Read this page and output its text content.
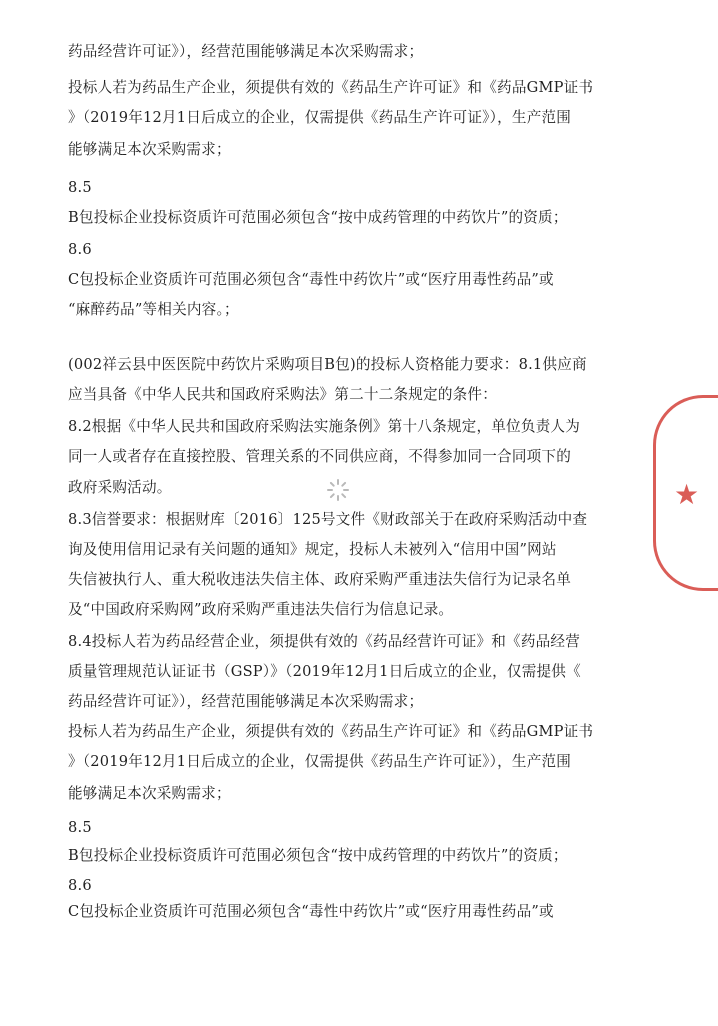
药品经营许可证》），经营范围能够满足本次采购需求；

投标人若为药品生产企业，须提供有效的《药品生产许可证》和《药品GMP证书

》（2019年12月1日后成立的企业，仅需提供《药品生产许可证》），生产范围

能够满足本次采购需求；

8.5

B包投标企业投标资质许可范围必须包含“按中成药管理的中药饮片”的资质；

8.6

C包投标企业资质许可范围必须包含“毒性中药饮片”或“医疗用毒性药品”或

“麻醉药品”等相关内容。；

(002祥云县中医医院中药饮片采购项目B包)的投标人资格能力要求：8.1供应商

应当具备《中华人民共和国政府采购法》第二十二条规定的条件：

8.2根据《中华人民共和国政府采购法实施条例》第十八条规定，单位负责人为

同一人或者存在直接控股、管理关系的不同供应商，不得参加同一合同项下的

政府采购活动。

8.3信誉要求：根据财库〔2016〕125号文件《财政部关于在政府采购活动中查

询及使用信用记录有关问题的通知》规定，投标人未被列入“信用中国”网站

失信被执行人、重大税收违法失信主体、政府采购严重违法失信行为记录名单

及“中国政府采购网”政府采购严重违法失信行为信息记录。

8.4投标人若为药品经营企业，须提供有效的《药品经营许可证》和《药品经营

质量管理规范认证证书（GSP）》（2019年12月1日后成立的企业，仅需提供《

药品经营许可证》），经营范围能够满足本次采购需求；

投标人若为药品生产企业，须提供有效的《药品生产许可证》和《药品GMP证书

》（2019年12月1日后成立的企业，仅需提供《药品生产许可证》），生产范围

能够满足本次采购需求；

8.5

B包投标企业投标资质许可范围必须包含“按中成药管理的中药饮片”的资质；

8.6

C包投标企业资质许可范围必须包含“毒性中药饮片”或“医疗用毒性药品”或

★
